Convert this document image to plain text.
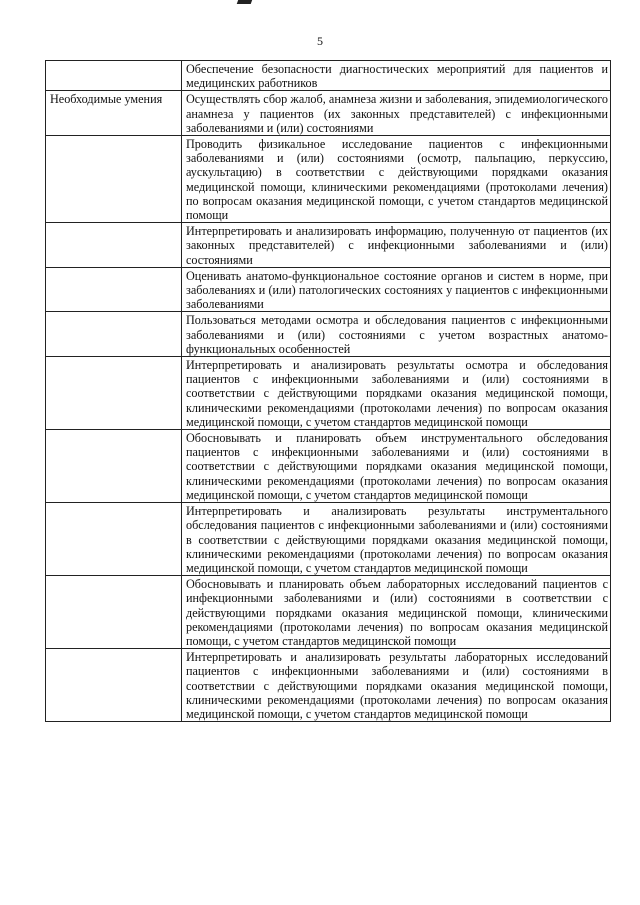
5
	Обеспечение безопасности диагностических мероприятий для пациентов и медицинских работников
Необходимые умения	Осуществлять сбор жалоб, анамнеза жизни и заболевания, эпидемиологического анамнеза у пациентов (их законных представителей) с инфекционными заболеваниями и (или) состояниями
	Проводить физикальное исследование пациентов с инфекционными заболеваниями и (или) состояниями (осмотр, пальпацию, перкуссию, аускультацию) в соответствии с действующими порядками оказания медицинской помощи, клиническими рекомендациями (протоколами лечения) по вопросам оказания медицинской помощи, с учетом стандартов медицинской помощи
	Интерпретировать и анализировать информацию, полученную от пациентов (их законных представителей) с инфекционными заболеваниями и (или) состояниями
	Оценивать анатомо-функциональное состояние органов и систем в норме, при заболеваниях и (или) патологических состояниях у пациентов с инфекционными заболеваниями
	Пользоваться методами осмотра и обследования пациентов с инфекционными заболеваниями и (или) состояниями с учетом возрастных анатомо-функциональных особенностей
	Интерпретировать и анализировать результаты осмотра и обследования пациентов с инфекционными заболеваниями и (или) состояниями в соответствии с действующими порядками оказания медицинской помощи, клиническими рекомендациями (протоколами лечения) по вопросам оказания медицинской помощи, с учетом стандартов медицинской помощи
	Обосновывать и планировать объем инструментального обследования пациентов с инфекционными заболеваниями и (или) состояниями в соответствии с действующими порядками оказания медицинской помощи, клиническими рекомендациями (протоколами лечения) по вопросам оказания медицинской помощи, с учетом стандартов медицинской помощи
	Интерпретировать и анализировать результаты инструментального обследования пациентов с инфекционными заболеваниями и (или) состояниями в соответствии с действующими порядками оказания медицинской помощи, клиническими рекомендациями (протоколами лечения) по вопросам оказания медицинской помощи, с учетом стандартов медицинской помощи
	Обосновывать и планировать объем лабораторных исследований пациентов с инфекционными заболеваниями и (или) состояниями в соответствии с действующими порядками оказания медицинской помощи, клиническими рекомендациями (протоколами лечения) по вопросам оказания медицинской помощи, с учетом стандартов медицинской помощи
	Интерпретировать и анализировать результаты лабораторных исследований пациентов с инфекционными заболеваниями и (или) состояниями в соответствии с действующими порядками оказания медицинской помощи, клиническими рекомендациями (протоколами лечения) по вопросам оказания медицинской помощи, с учетом стандартов медицинской помощи
